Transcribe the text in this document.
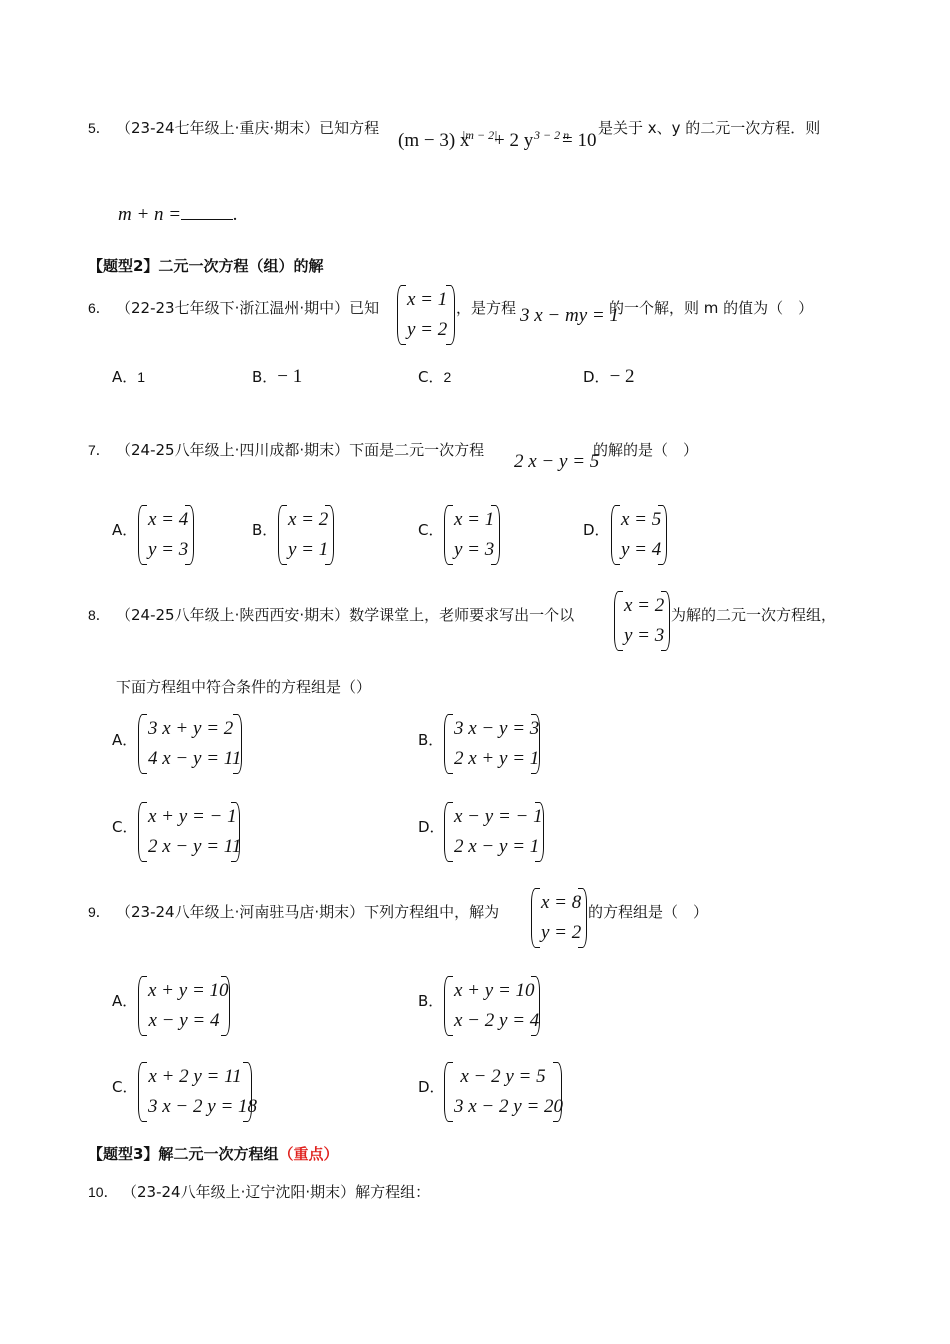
5． （23-24七年级上·重庆·期末）已知方程
(m − 3) x
|m − 2|
+ 2 y 3 − 2 n
= 10
是关于 x、y 的二元一次方程．则
m + n =	.
【题型2】二元一次方程（组）的解
6． （22-23七年级下·浙江温州·期中）已知 x = 1
y = 2
，是方程 3 x − my = 1
的一个解，则 m 的值为（　）
A．1	B．− 1	C．2	D．− 2
7． （24-25八年级上·四川成都·期末）下面是二元一次方程
2 x − y = 5
的解的是（　）
A． x = 4
y = 3
B． x = 2
y = 1
C． x = 1
y = 3
D． x = 5
y = 4
8． （24-25八年级上·陕西西安·期末）数学课堂上，老师要求写出一个以	x = 2
y = 3
为解的二元一次方程组，
下面方程组中符合条件的方程组是（）
A．
3 x + y = 2
4 x − y = 11
B．
3 x − y = 3
2 x + y = 1
C． x + y = − 1
2 x − y = 11
D． x − y = − 1
2 x − y = 1
9． （23-24八年级上·河南驻马店·期末）下列方程组中，解为 x = 8
y = 2
的方程组是（　）
A． x + y = 10
x − y = 4
B． x + y = 10
x − 2 y = 4
C． x + 2 y = 11
3 x − 2 y = 18
D． x − 2 y = 5
3 x − 2 y = 20
【题型3】解二元一次方程组（重点）
10． （23-24八年级上·辽宁沈阳·期末）解方程组：
